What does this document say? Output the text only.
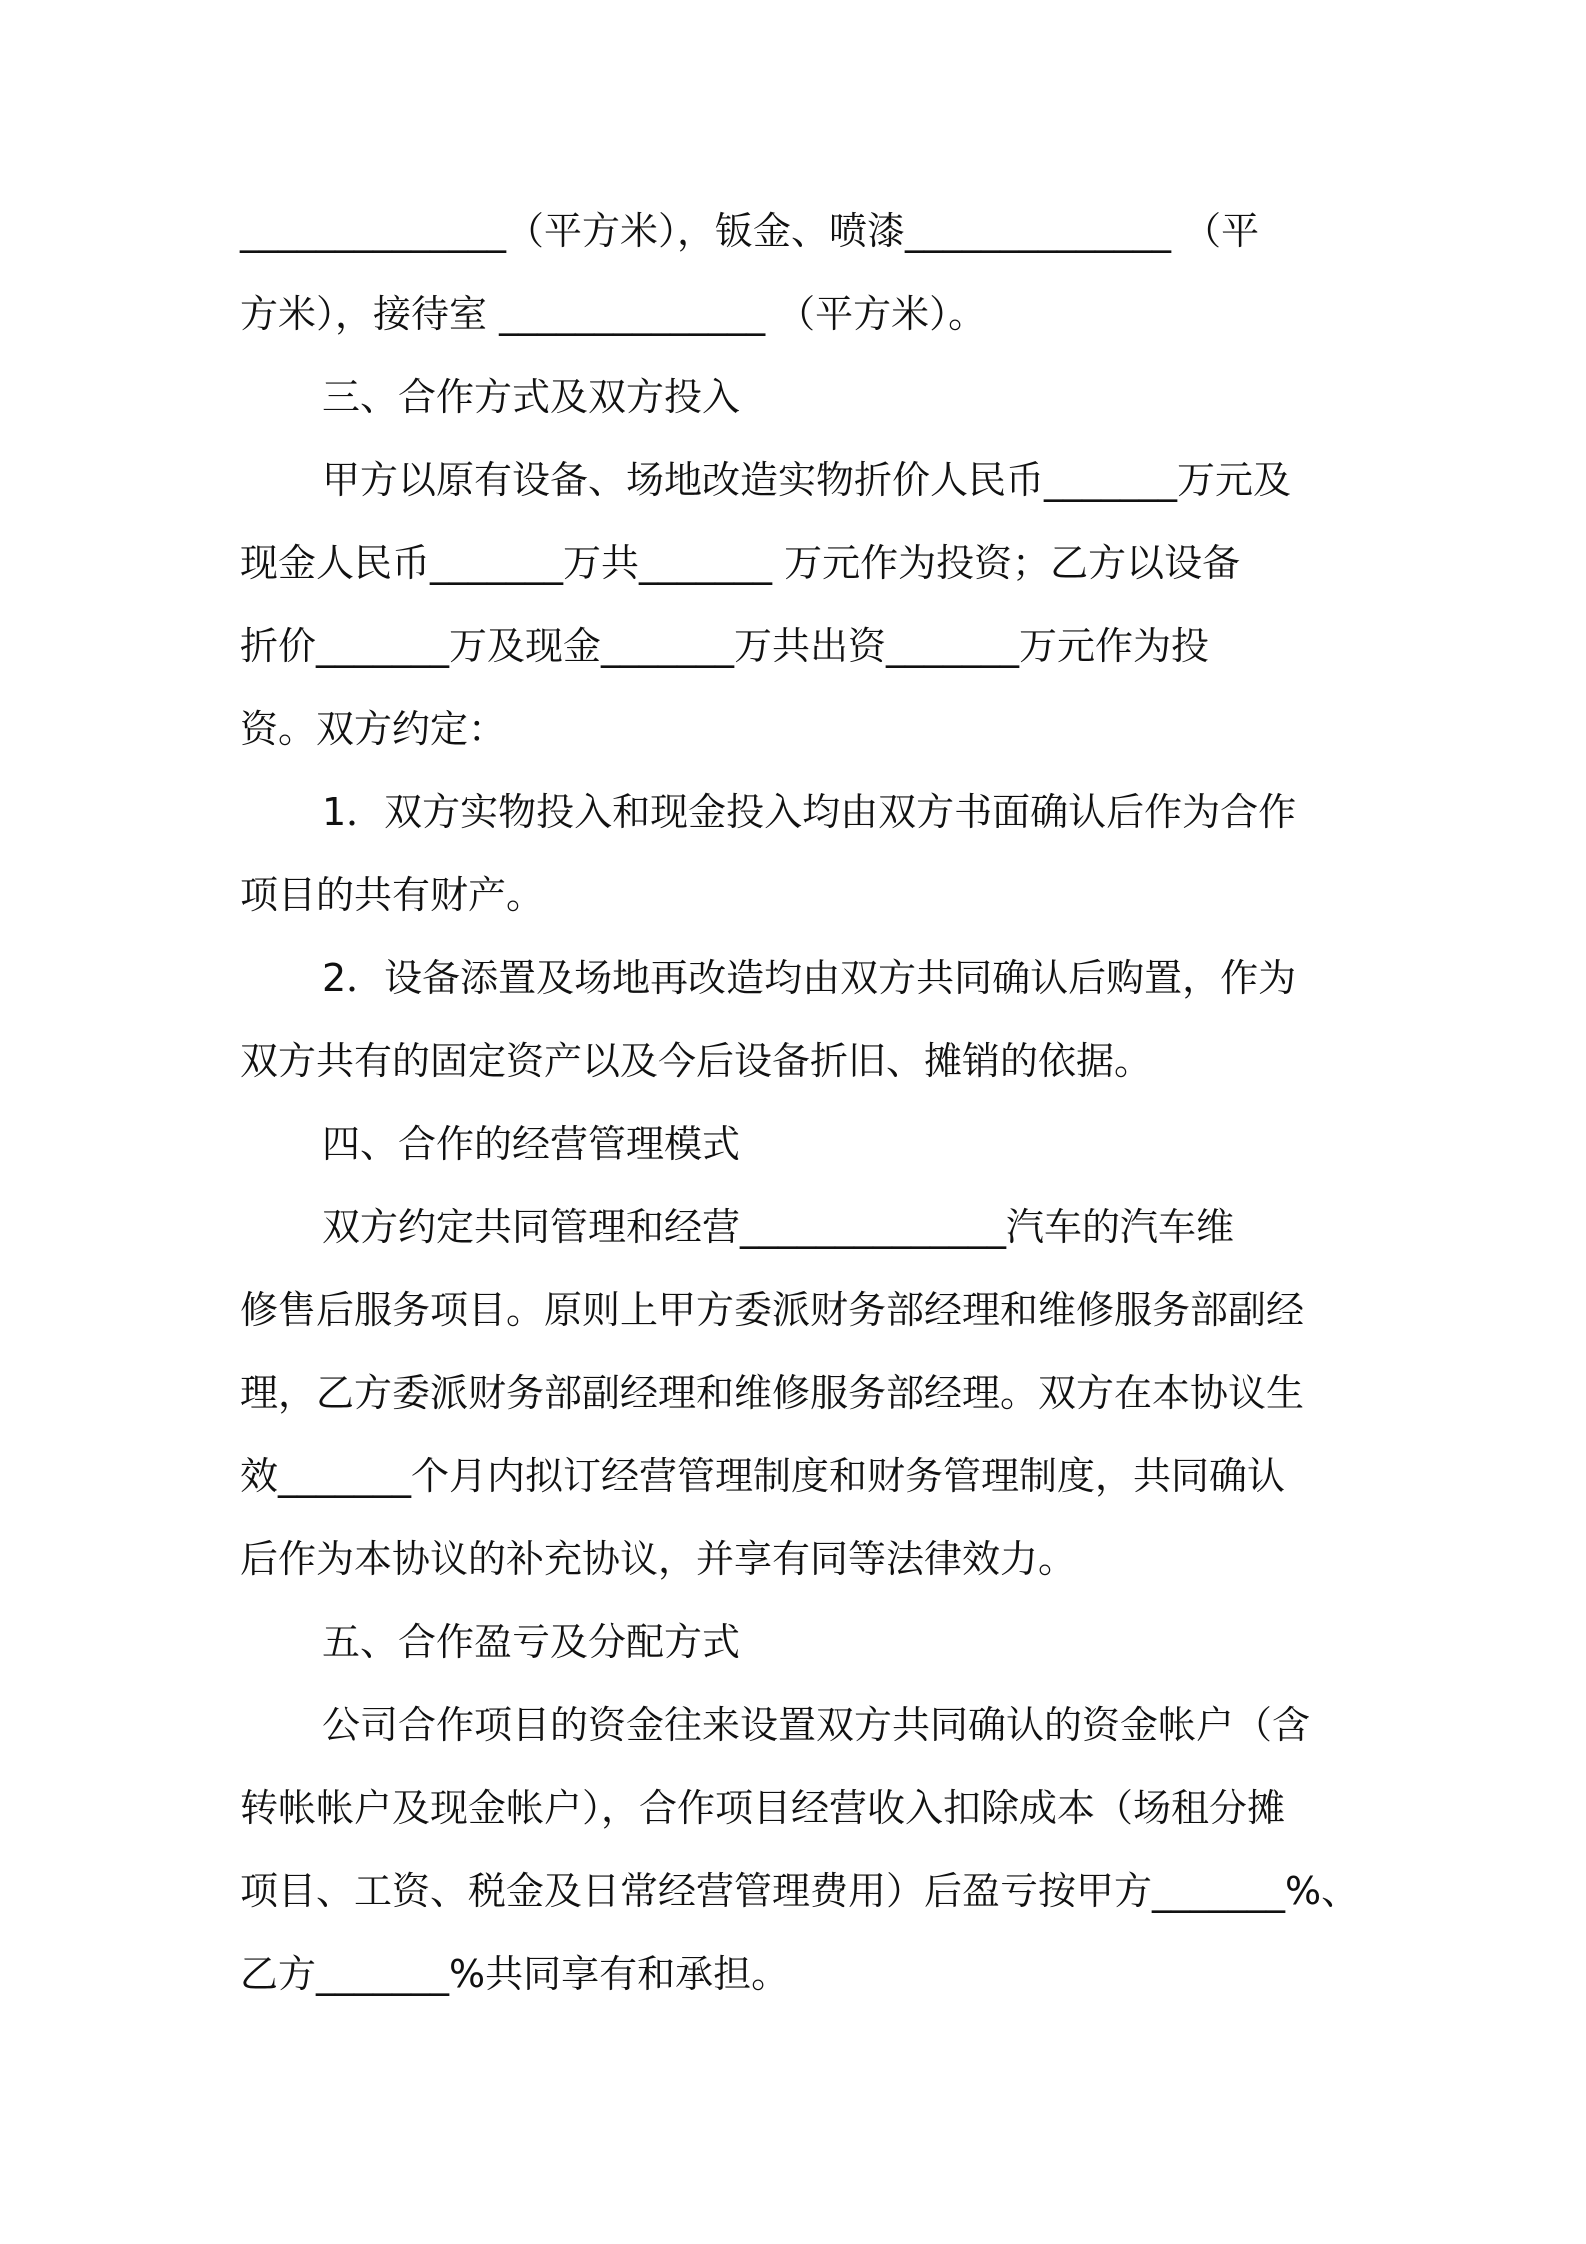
______________（平方米），钣金、喷漆______________ （平
方米），接待室 ______________ （平方米）。
三、合作方式及双方投入
甲方以原有设备、场地改造实物折价人民币_______万元及
现金人民币_______万共_______ 万元作为投资；乙方以设备
折价_______万及现金_______万共出资_______万元作为投
资。双方约定：
1．双方实物投入和现金投入均由双方书面确认后作为合作
项目的共有财产。
2．设备添置及场地再改造均由双方共同确认后购置，作为
双方共有的固定资产以及今后设备折旧、摊销的依据。
四、合作的经营管理模式
双方约定共同管理和经营______________汽车的汽车维
修售后服务项目。原则上甲方委派财务部经理和维修服务部副经
理，乙方委派财务部副经理和维修服务部经理。双方在本协议生
效_______个月内拟订经营管理制度和财务管理制度，共同确认
后作为本协议的补充协议，并享有同等法律效力。
五、合作盈亏及分配方式
公司合作项目的资金往来设置双方共同确认的资金帐户（含
转帐帐户及现金帐户），合作项目经营收入扣除成本（场租分摊
项目、工资、税金及日常经营管理费用）后盈亏按甲方_______%、
乙方_______%共同享有和承担。
